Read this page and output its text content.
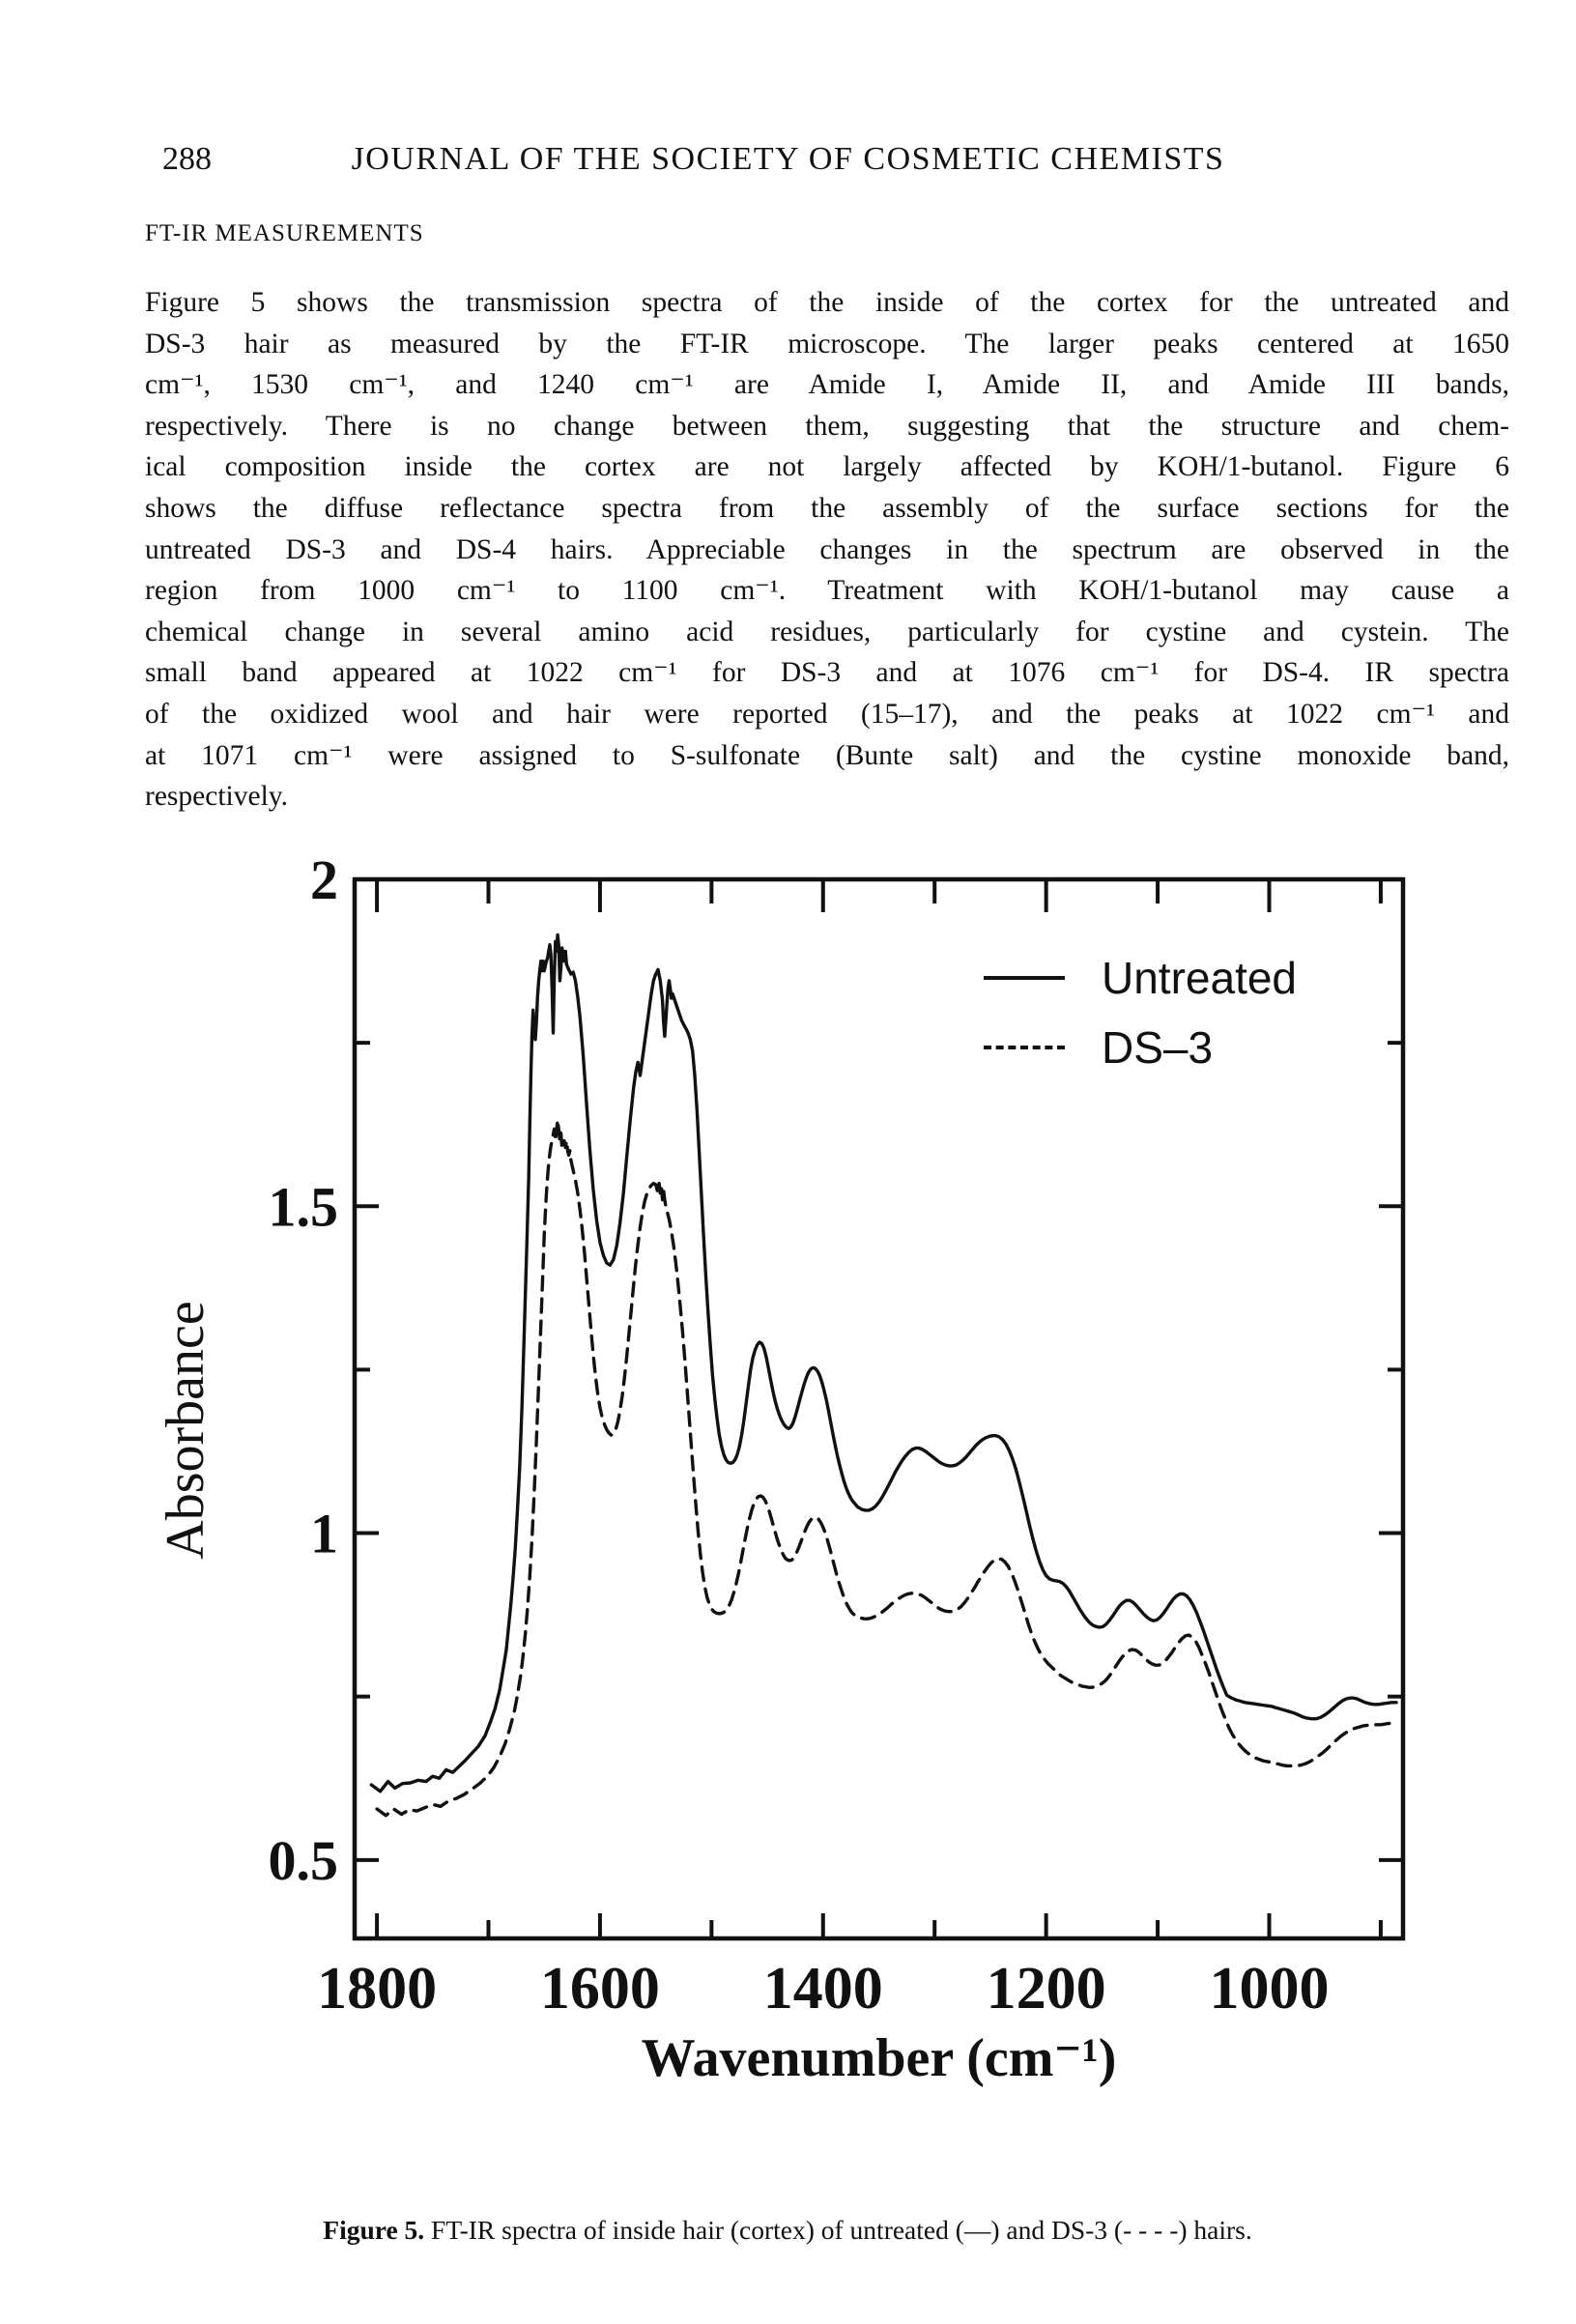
288	JOURNAL OF THE SOCIETY OF COSMETIC CHEMISTS
FT-IR MEASUREMENTS
Figure 5 shows the transmission spectra of the inside of the cortex for the untreated and
DS-3 hair as measured by the FT-IR microscope. The larger peaks centered at 1650
cm⁻¹, 1530 cm⁻¹, and 1240 cm⁻¹ are Amide I, Amide II, and Amide III bands,
respectively. There is no change between them, suggesting that the structure and chem-
ical composition inside the cortex are not largely affected by KOH/1-butanol. Figure 6
shows the diffuse reflectance spectra from the assembly of the surface sections for the
untreated DS-3 and DS-4 hairs. Appreciable changes in the spectrum are observed in the
region from 1000 cm⁻¹ to 1100 cm⁻¹. Treatment with KOH/1-butanol may cause a
chemical change in several amino acid residues, particularly for cystine and cystein. The
small band appeared at 1022 cm⁻¹ for DS-3 and at 1076 cm⁻¹ for DS-4. IR spectra
of the oxidized wool and hair were reported (15–17), and the peaks at 1022 cm⁻¹ and
at 1071 cm⁻¹ were assigned to S-sulfonate (Bunte salt) and the cystine monoxide band,
respectively.
1800 1600 1400 1200 1000
0.5
1
1.5
2
Untreated
DS–3
Absorbance
Wavenumber (cm⁻¹)
Figure 5. FT-IR spectra of inside hair (cortex) of untreated (—) and DS-3 (- - - -) hairs.
